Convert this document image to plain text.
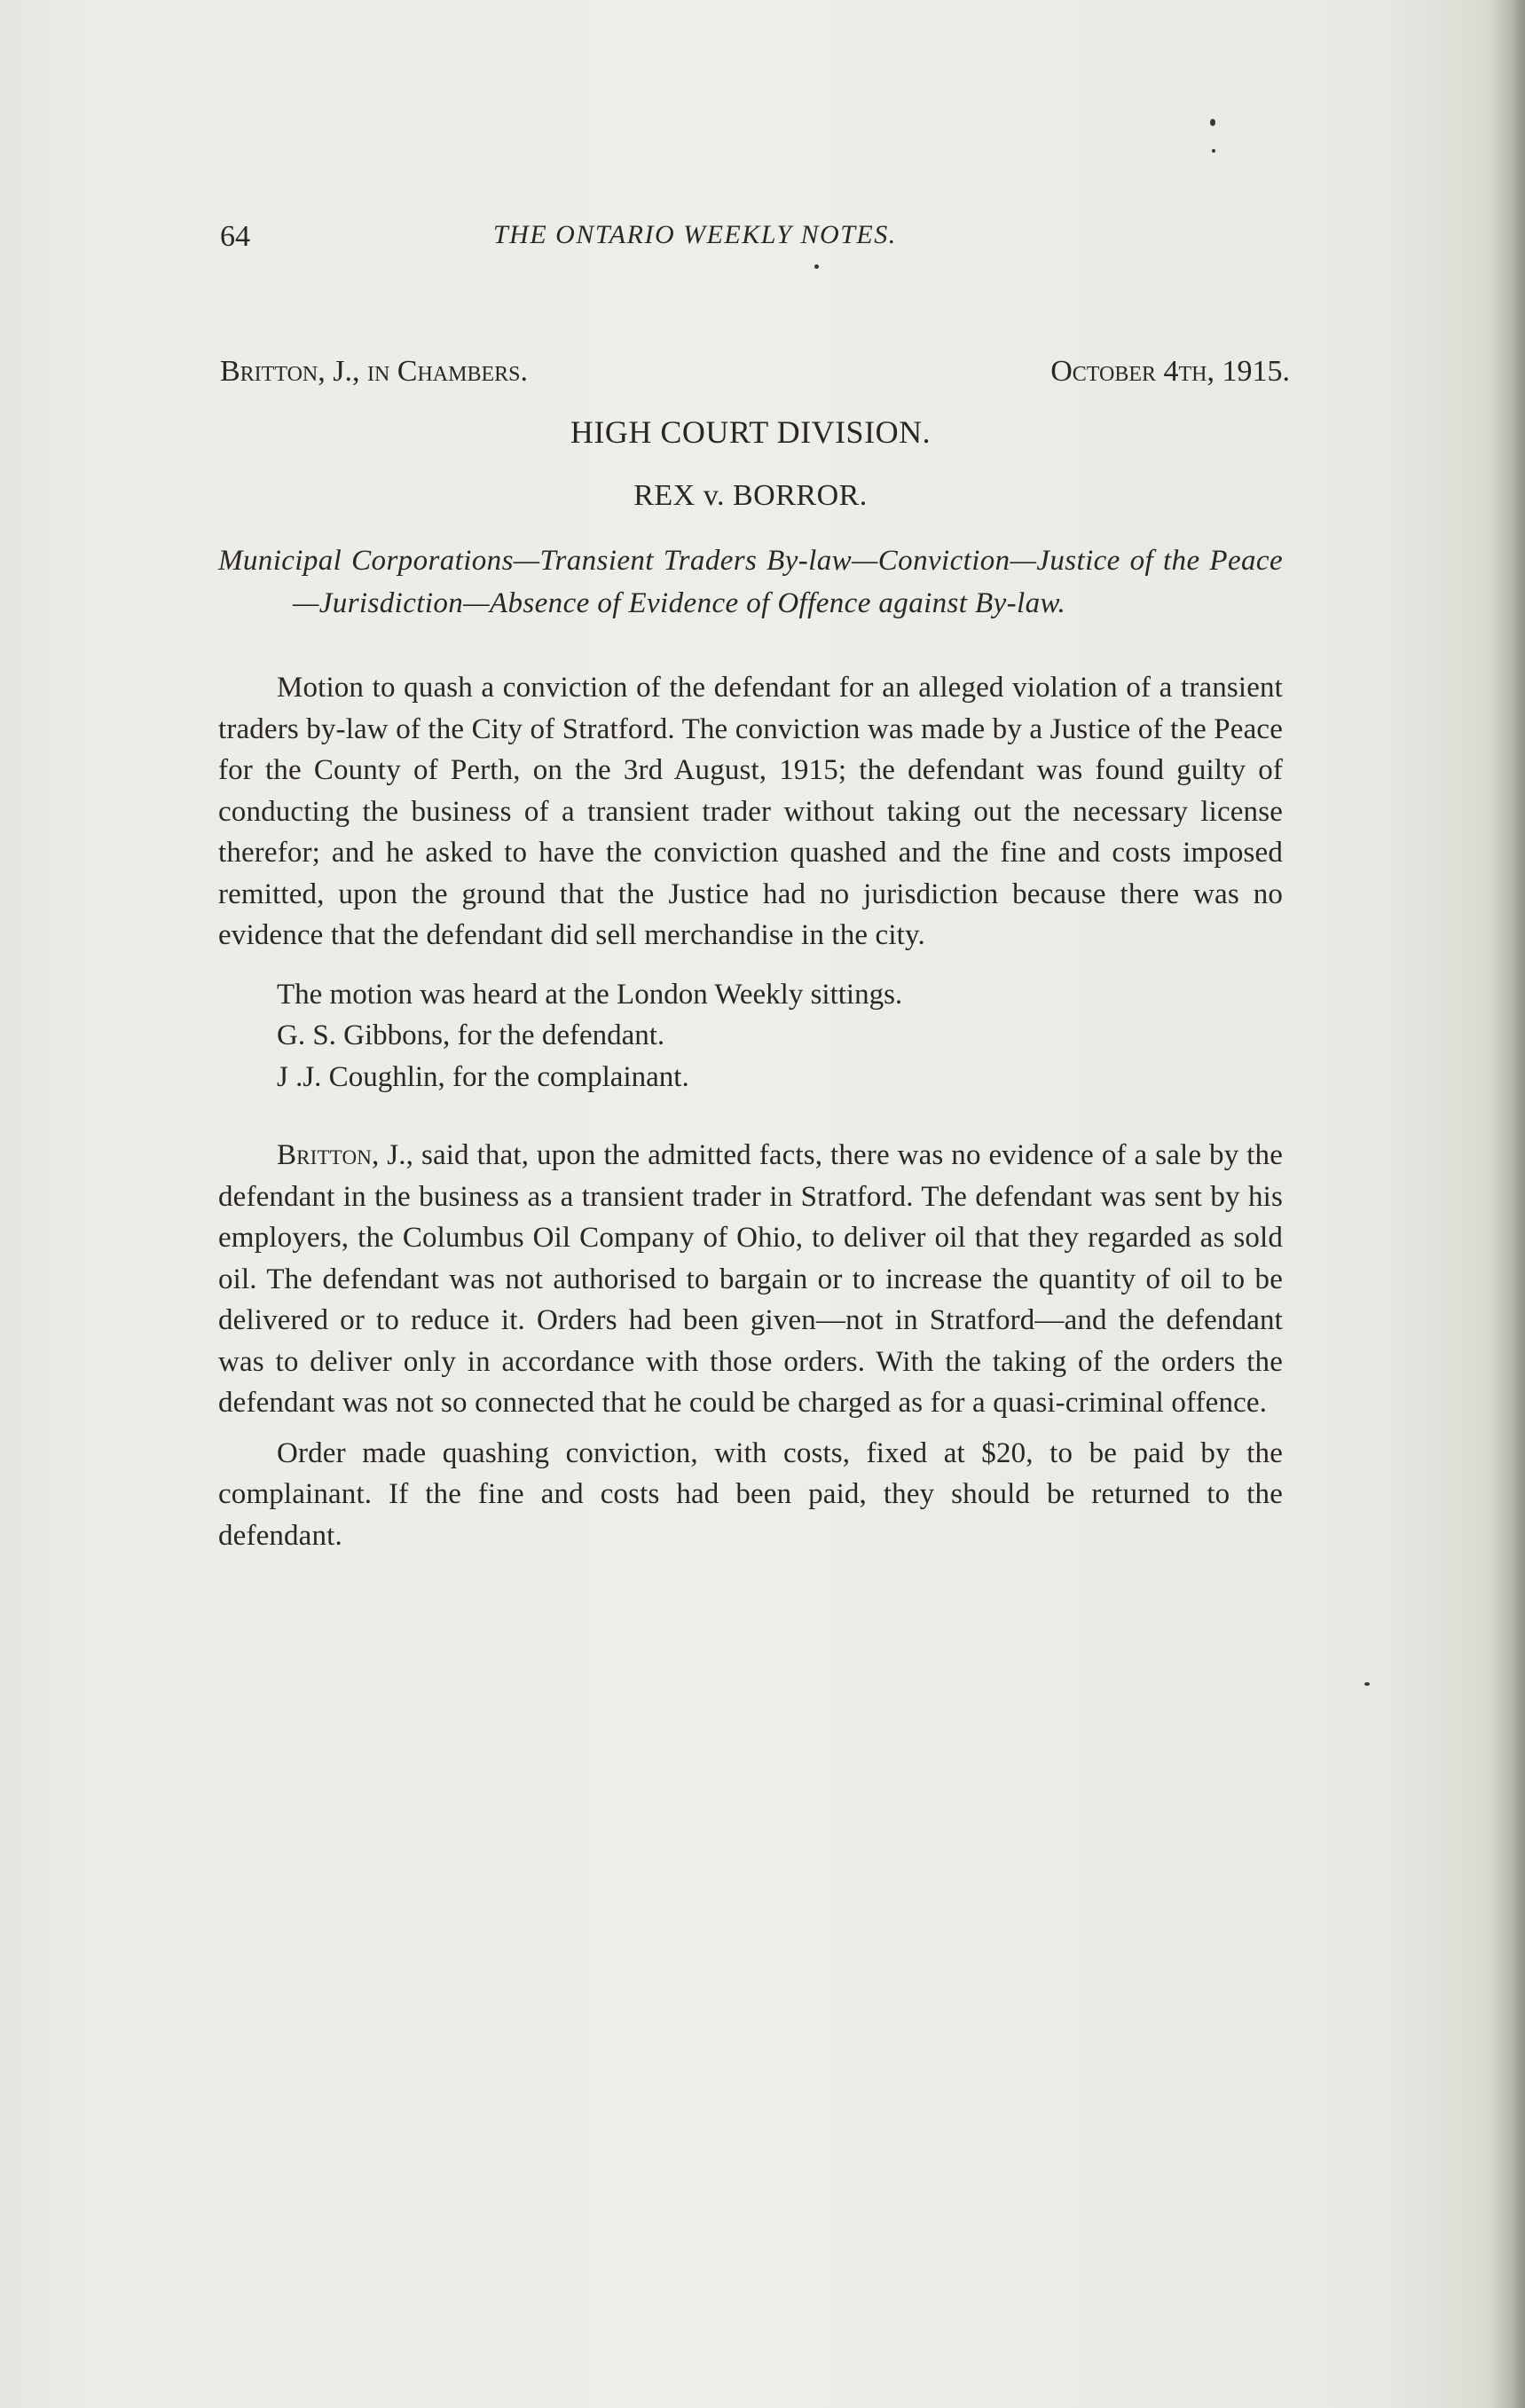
64	THE ONTARIO WEEKLY NOTES.
Britton, J., in Chambers.	October 4th, 1915.
HIGH COURT DIVISION.
REX v. BORROR.
Municipal Corporations—Transient Traders By-law—Conviction—Justice of the Peace—Jurisdiction—Absence of Evidence of Offence against By-law.

Motion to quash a conviction of the defendant for an alleged violation of a transient traders by-law of the City of Stratford. The conviction was made by a Justice of the Peace for the County of Perth, on the 3rd August, 1915; the defendant was found guilty of conducting the business of a transient trader without taking out the necessary license therefor; and he asked to have the conviction quashed and the fine and costs imposed remitted, upon the ground that the Justice had no jurisdiction because there was no evidence that the defendant did sell merchandise in the city.

The motion was heard at the London Weekly sittings.

G. S. Gibbons, for the defendant.

J .J. Coughlin, for the complainant.

Britton, J., said that, upon the admitted facts, there was no evidence of a sale by the defendant in the business as a transient trader in Stratford. The defendant was sent by his employers, the Columbus Oil Company of Ohio, to deliver oil that they regarded as sold oil. The defendant was not authorised to bargain or to increase the quantity of oil to be delivered or to reduce it. Orders had been given—not in Stratford—and the defendant was to deliver only in accordance with those orders. With the taking of the orders the defendant was not so connected that he could be charged as for a quasi-criminal offence.

Order made quashing conviction, with costs, fixed at $20, to be paid by the complainant. If the fine and costs had been paid, they should be returned to the defendant.
